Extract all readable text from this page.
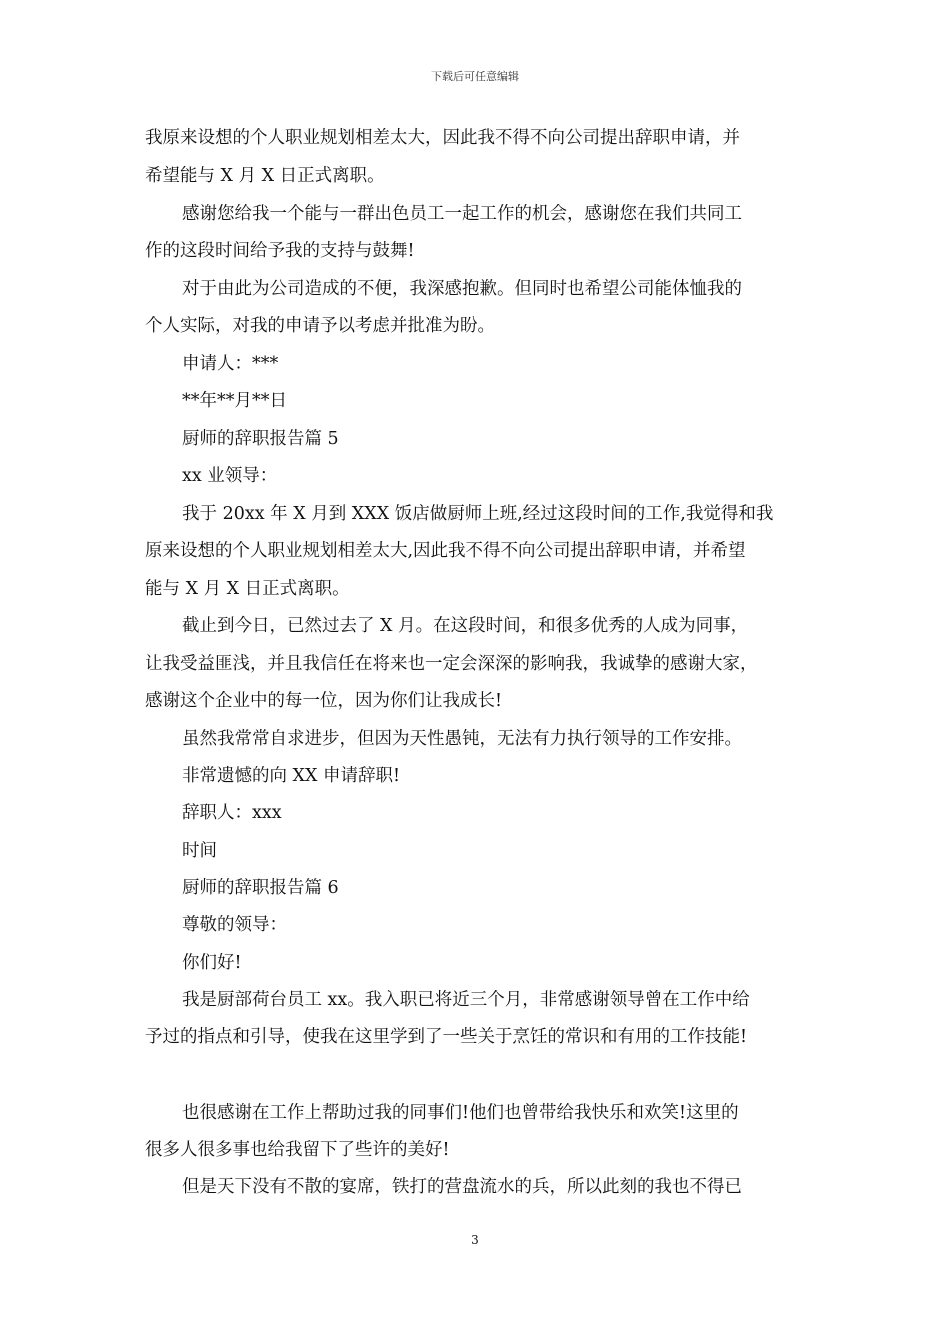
下载后可任意编辑
我原来设想的个人职业规划相差太大，因此我不得不向公司提出辞职申请，并
希望能与 X 月 X 日正式离职。
感谢您给我一个能与一群出色员工一起工作的机会，感谢您在我们共同工
作的这段时间给予我的支持与鼓舞!
对于由此为公司造成的不便，我深感抱歉。但同时也希望公司能体恤我的
个人实际，对我的申请予以考虑并批准为盼。
申请人：***
**年**月**日
厨师的辞职报告篇 5
xx 业领导：
我于 20xx 年 X 月到 XXX 饭店做厨师上班,经过这段时间的工作,我觉得和我
原来设想的个人职业规划相差太大,因此我不得不向公司提出辞职申请，并希望
能与 X 月 X 日正式离职。
截止到今日，已然过去了 X 月。在这段时间，和很多优秀的人成为同事，
让我受益匪浅，并且我信任在将来也一定会深深的影响我，我诚挚的感谢大家，
感谢这个企业中的每一位，因为你们让我成长!
虽然我常常自求进步，但因为天性愚钝，无法有力执行领导的工作安排。
非常遗憾的向 XX 申请辞职!
辞职人：xxx
时间
厨师的辞职报告篇 6
尊敬的领导：
你们好!
我是厨部荷台员工 xx。我入职已将近三个月，非常感谢领导曾在工作中给
予过的指点和引导，使我在这里学到了一些关于烹饪的常识和有用的工作技能!
也很感谢在工作上帮助过我的同事们!他们也曾带给我快乐和欢笑!这里的
很多人很多事也给我留下了些许的美好!
但是天下没有不散的宴席，铁打的营盘流水的兵，所以此刻的我也不得已
3
